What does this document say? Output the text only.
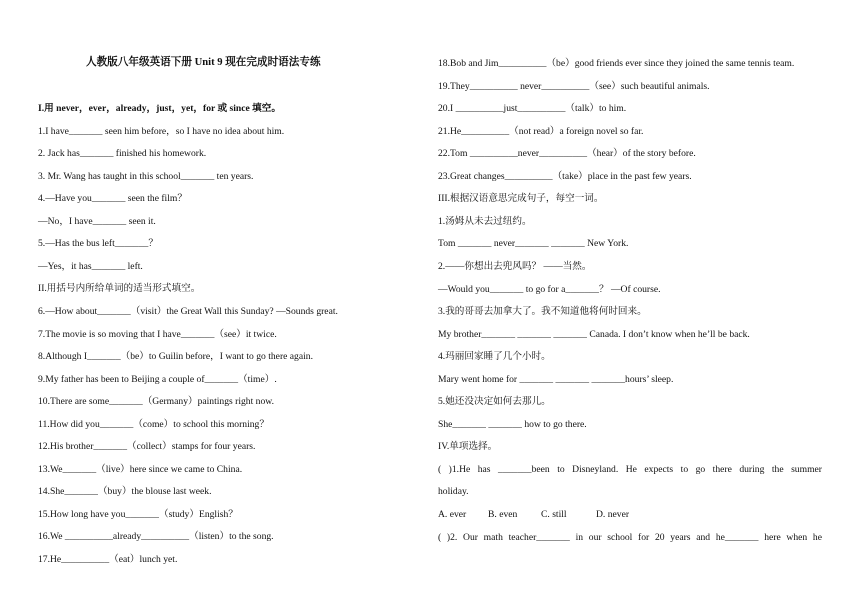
人教版八年级英语下册 Unit 9 现在完成时语法专练
I.用 never，ever，already，just，yet，for 或 since 填空。
1.I have_______ seen him before，so I have no idea about him.
2. Jack has_______ finished his homework.
3. Mr. Wang has taught in this school_______ ten years.
4.—Have you_______ seen the film？
—No，I have_______ seen it.
5.—Has the bus left_______？
—Yes，it has_______ left.
II.用括号内所给单词的适当形式填空。
6.—How about_______（visit）the Great Wall this Sunday? —Sounds great.
7.The movie is so moving that I have_______（see）it twice.
8.Although I_______（be）to Guilin before，I want to go there again.
9.My father has been to Beijing a couple of_______（time）.
10.There are some_______（Germany）paintings right now.
11.How did you_______（come）to school this morning？
12.His brother_______（collect）stamps for four years.
13.We_______（live）here since we came to China.
14.She_______（buy）the blouse last week.
15.How long have you_______（study）English？
16.We __________already__________（listen）to the song.
17.He__________（eat）lunch yet.
18.Bob and Jim__________（be）good friends ever since they joined the same tennis team.
19.They__________ never__________（see）such beautiful animals.
20.I __________just__________（talk）to him.
21.He__________（not read）a foreign novel so far.
22.Tom __________never__________（hear）of the story before.
23.Great changes__________（take）place in the past few years.
III.根据汉语意思完成句子，每空一词。
1.汤姆从未去过纽约。
Tom _______ never_______ _______ New York.
2.——你想出去兜风吗？ ——当然。
—Would you_______ to go for a_______？ —Of course.
3.我的哥哥去加拿大了。我不知道他将何时回来。
My brother_______ _______ _______ Canada. I don’t know when he’ll be back.
4.玛丽回家睡了几个小时。
Mary went home for _______ _______ _______hours’ sleep.
5.她还没决定如何去那儿。
She_______ _______ how to go there.
IV.单项选择。
( )1.He has _______been to Disneyland. He expects to go there during the summer
holiday.
A. ever B. even C. still	D. never
( )2. Our math teacher_______ in our school for 20 years and he_______ here when he
